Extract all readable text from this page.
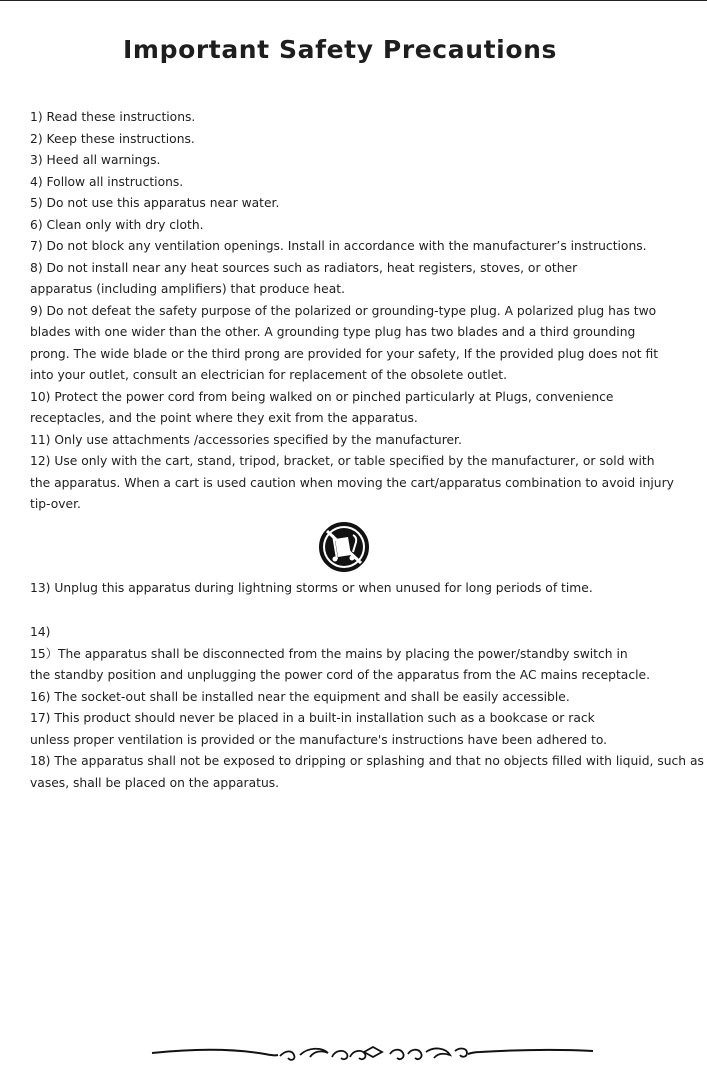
Important Safety Precautions

1) Read these instructions.

2) Keep these instructions.

3) Heed all warnings.

4) Follow all instructions.

5) Do not use this apparatus near water.

6) Clean only with dry cloth.

7) Do not block any ventilation openings. Install in accordance with the manufacturer’s instructions.

8) Do not install near any heat sources such as radiators, heat registers, stoves, or other apparatus (including amplifiers) that produce heat.

9) Do not defeat the safety purpose of the polarized or grounding-type plug. A polarized plug has two blades with one wider than the other. A grounding type plug has two blades and a third grounding prong. The wide blade or the third prong are provided for your safety, If the provided plug does not fit into your outlet, consult an electrician for replacement of the obsolete outlet.

10) Protect the power cord from being walked on or pinched particularly at Plugs, convenience receptacles, and the point where they exit from the apparatus.

11) Only use attachments /accessories specified by the manufacturer.

12) Use only with the cart, stand, tripod, bracket, or table specified by the manufacturer, or sold with the apparatus. When a cart is used caution when moving the cart/apparatus combination to avoid injury tip-over.

13) Unplug this apparatus during lightning storms or when unused for long periods of time.

14)

15）The apparatus shall be disconnected from the mains by placing the power/standby switch in the standby position and unplugging the power cord of the apparatus from the AC mains receptacle.

16) The socket-out shall be installed near the equipment and shall be easily accessible.

17) This product should never be placed in a built-in installation such as a bookcase or rack unless proper ventilation is provided or the manufacture's instructions have been adhered to.

18) The apparatus shall not be exposed to dripping or splashing and that no objects filled with liquid, such as vases, shall be placed on the apparatus.
